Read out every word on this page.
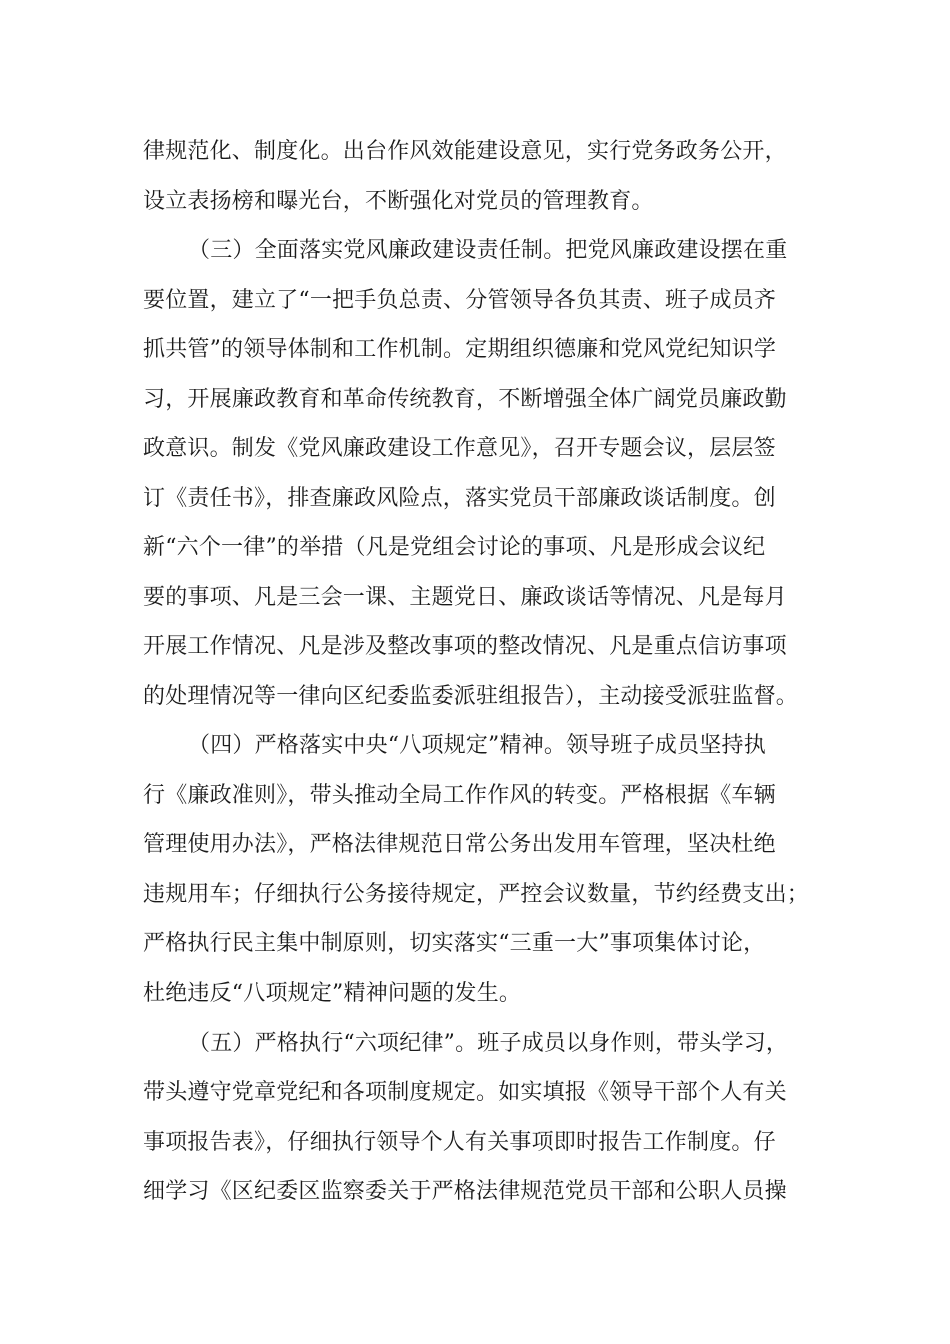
律规范化、制度化。出台作风效能建设意见，实行党务政务公开，
设立表扬榜和曝光台，不断强化对党员的管理教育。
（三）全面落实党风廉政建设责任制。把党风廉政建设摆在重
要位置，建立了“一把手负总责、分管领导各负其责、班子成员齐
抓共管”的领导体制和工作机制。定期组织德廉和党风党纪知识学
习，开展廉政教育和革命传统教育，不断增强全体广阔党员廉政勤
政意识。制发《党风廉政建设工作意见》，召开专题会议，层层签
订《责任书》，排查廉政风险点，落实党员干部廉政谈话制度。创
新“六个一律”的举措（凡是党组会讨论的事项、凡是形成会议纪
要的事项、凡是三会一课、主题党日、廉政谈话等情况、凡是每月
开展工作情况、凡是涉及整改事项的整改情况、凡是重点信访事项
的处理情况等一律向区纪委监委派驻组报告），主动接受派驻监督。
（四）严格落实中央“八项规定”精神。领导班子成员坚持执
行《廉政准则》，带头推动全局工作作风的转变。严格根据《车辆
管理使用办法》，严格法律规范日常公务出发用车管理，坚决杜绝
违规用车；仔细执行公务接待规定，严控会议数量，节约经费支出；
严格执行民主集中制原则，切实落实“三重一大”事项集体讨论，
杜绝违反“八项规定”精神问题的发生。
（五）严格执行“六项纪律”。班子成员以身作则，带头学习，
带头遵守党章党纪和各项制度规定。如实填报《领导干部个人有关
事项报告表》，仔细执行领导个人有关事项即时报告工作制度。仔
细学习《区纪委区监察委关于严格法律规范党员干部和公职人员操
